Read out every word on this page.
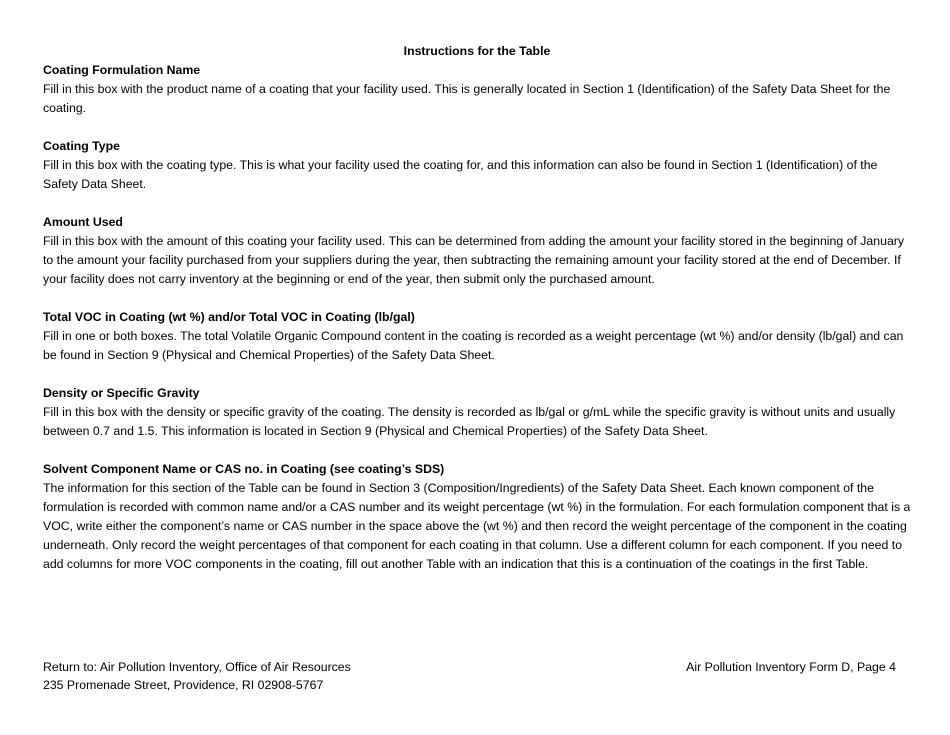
Instructions for the Table

Coating Formulation Name

Fill in this box with the product name of a coating that your facility used. This is generally located in Section 1 (Identification) of the Safety Data Sheet for the coating.

Coating Type

Fill in this box with the coating type. This is what your facility used the coating for, and this information can also be found in Section 1 (Identification) of the Safety Data Sheet.

Amount Used

Fill in this box with the amount of this coating your facility used. This can be determined from adding the amount your facility stored in the beginning of January to the amount your facility purchased from your suppliers during the year, then subtracting the remaining amount your facility stored at the end of December. If your facility does not carry inventory at the beginning or end of the year, then submit only the purchased amount.

Total VOC in Coating (wt %) and/or Total VOC in Coating (lb/gal)

Fill in one or both boxes. The total Volatile Organic Compound content in the coating is recorded as a weight percentage (wt %) and/or density (lb/gal) and can be found in Section 9 (Physical and Chemical Properties) of the Safety Data Sheet.

Density or Specific Gravity

Fill in this box with the density or specific gravity of the coating. The density is recorded as lb/gal or g/mL while the specific gravity is without units and usually between 0.7 and 1.5. This information is located in Section 9 (Physical and Chemical Properties) of the Safety Data Sheet.

Solvent Component Name or CAS no. in Coating (see coating’s SDS)

The information for this section of the Table can be found in Section 3 (Composition/Ingredients) of the Safety Data Sheet. Each known component of the formulation is recorded with common name and/or a CAS number and its weight percentage (wt %) in the formulation. For each formulation component that is a VOC, write either the component’s name or CAS number in the space above the (wt %) and then record the weight percentage of the component in the coating underneath. Only record the weight percentages of that component for each coating in that column. Use a different column for each component. If you need to add columns for more VOC components in the coating, fill out another Table with an indication that this is a continuation of the coatings in the first Table.

Return to: Air Pollution Inventory, Office of Air Resources

235 Promenade Street, Providence, RI 02908-5767

Air Pollution Inventory Form D, Page 4
